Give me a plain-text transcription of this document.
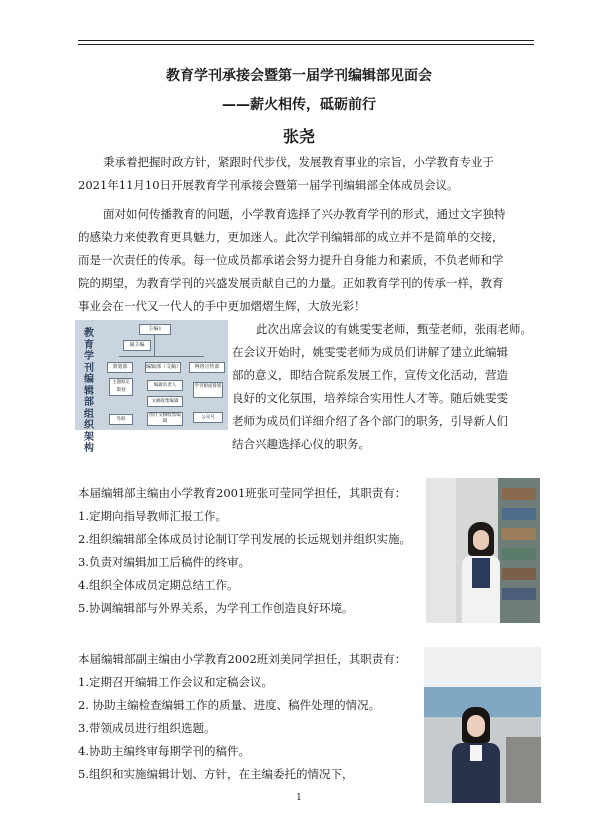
教育学刊承接会暨第一届学刊编辑部见面会
——薪火相传，砥砺前行
张尧
秉承着把握时政方针，紧跟时代步伐，发展教育事业的宗旨，小学教育专业于
2021年11月10日开展教育学刊承接会暨第一届学刊编辑部全体成员会议。
面对如何传播教育的问题，小学教育选择了兴办教育学刊的形式，通过文字独特
的感染力来使教育更具魅力，更加迷人。此次学刊编辑部的成立并不是简单的交接，
而是一次责任的传承。每一位成员都承诺会努力提升自身能力和素质，不负老师和学
院的期望，为教育学刊的兴盛发展贡献自己的力量。正如教育学刊的传承一样，教育
事业会在一代又一代人的手中更加熠熠生辉，大放光彩！
教育学刊编辑部组织架构
主编1
副主编
策划部	编辑部（文稿）	网络宣传部
主题拟定策划
外联
编辑负责人
文稿收集编辑
图片文稿收集编辑
学刊板面排版
公众号
此次出席会议的有姚雯雯老师，甄莹老师，张雨老师。
在会议开始时，姚雯雯老师为成员们讲解了建立此编辑
部的意义，即结合院系发展工作，宣传文化活动，营造
良好的文化氛围，培养综合实用性人才等。随后姚雯雯
老师为成员们详细介绍了各个部门的职务，引导新人们
结合兴趣选择心仪的职务。
本届编辑部主编由小学教育2001班张可莹同学担任，其职责有：
1.定期向指导教师汇报工作。
2.组织编辑部全体成员讨论制订学刊发展的长远规划并组织实施。
3.负责对编辑加工后稿件的终审。
4.组织全体成员定期总结工作。
5.协调编辑部与外界关系，为学刊工作创造良好环境。
本届编辑部副主编由小学教育2002班刘美同学担任，其职责有：
1.定期召开编辑工作会议和定稿会议。
2. 协助主编检查编辑工作的质量、进度、稿件处理的情况。
3.带领成员进行组织选题。
4.协助主编终审每期学刊的稿件。
5.组织和实施编辑计划、方针，在主编委托的情况下，
1
